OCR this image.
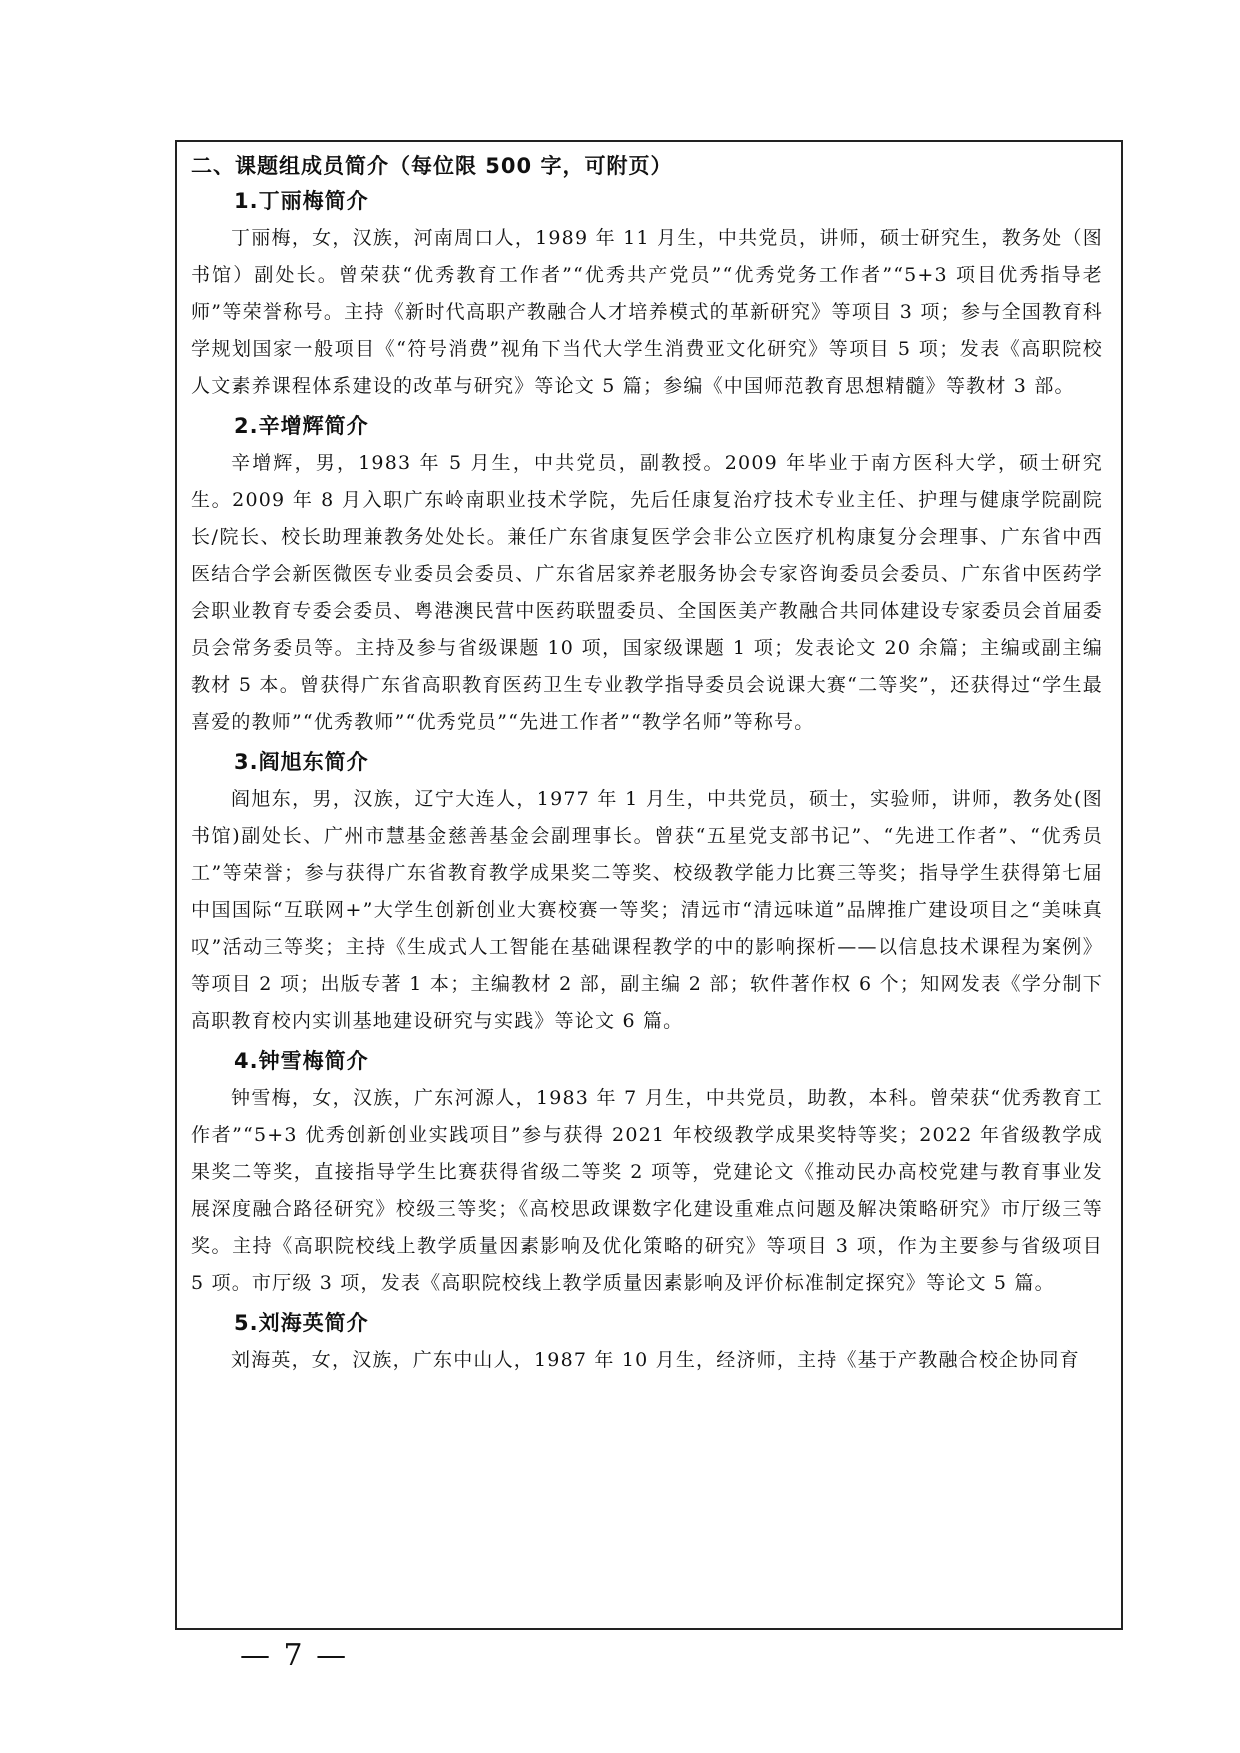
二、课题组成员简介（每位限 500 字，可附页）
1.丁丽梅简介

丁丽梅，女，汉族，河南周口人，1989 年 11 月生，中共党员，讲师，硕士研究生，教务处（图书馆）副处长。曾荣获“优秀教育工作者”“优秀共产党员”“优秀党务工作者”“5+3 项目优秀指导老师”等荣誉称号。主持《新时代高职产教融合人才培养模式的革新研究》等项目 3 项；参与全国教育科学规划国家一般项目《“符号消费”视角下当代大学生消费亚文化研究》等项目 5 项；发表《高职院校人文素养课程体系建设的改革与研究》等论文 5 篇；参编《中国师范教育思想精髓》等教材 3 部。

2.辛增辉简介

辛增辉，男，1983 年 5 月生，中共党员，副教授。2009 年毕业于南方医科大学，硕士研究生。2009 年 8 月入职广东岭南职业技术学院，先后任康复治疗技术专业主任、护理与健康学院副院长/院长、校长助理兼教务处处长。兼任广东省康复医学会非公立医疗机构康复分会理事、广东省中西医结合学会新医微医专业委员会委员、广东省居家养老服务协会专家咨询委员会委员、广东省中医药学会职业教育专委会委员、粤港澳民营中医药联盟委员、全国医美产教融合共同体建设专家委员会首届委员会常务委员等。主持及参与省级课题 10 项，国家级课题 1 项；发表论文 20 余篇；主编或副主编教材 5 本。曾获得广东省高职教育医药卫生专业教学指导委员会说课大赛“二等奖”，还获得过“学生最喜爱的教师”“优秀教师”“优秀党员”“先进工作者”“教学名师”等称号。

3.阎旭东简介

阎旭东，男，汉族，辽宁大连人，1977 年 1 月生，中共党员，硕士，实验师，讲师，教务处(图书馆)副处长、广州市慧基金慈善基金会副理事长。曾获“五星党支部书记”、“先进工作者”、“优秀员工”等荣誉；参与获得广东省教育教学成果奖二等奖、校级教学能力比赛三等奖；指导学生获得第七届中国国际“互联网+”大学生创新创业大赛校赛一等奖；清远市“清远味道”品牌推广建设项目之“美味真叹”活动三等奖；主持《生成式人工智能在基础课程教学的中的影响探析——以信息技术课程为案例》等项目 2 项；出版专著 1 本；主编教材 2 部，副主编 2 部；软件著作权 6 个；知网发表《学分制下高职教育校内实训基地建设研究与实践》等论文 6 篇。

4.钟雪梅简介

钟雪梅，女，汉族，广东河源人，1983 年 7 月生，中共党员，助教，本科。曾荣获“优秀教育工作者”“5+3 优秀创新创业实践项目”参与获得 2021 年校级教学成果奖特等奖；2022 年省级教学成果奖二等奖，直接指导学生比赛获得省级二等奖 2 项等，党建论文《推动民办高校党建与教育事业发展深度融合路径研究》校级三等奖；《高校思政课数字化建设重难点问题及解决策略研究》市厅级三等奖。主持《高职院校线上教学质量因素影响及优化策略的研究》等项目 3 项，作为主要参与省级项目 5 项。市厅级 3 项，发表《高职院校线上教学质量因素影响及评价标准制定探究》等论文 5 篇。

5.刘海英简介

刘海英，女，汉族，广东中山人，1987 年 10 月生，经济师，主持《基于产教融合校企协同育

— 7 —
